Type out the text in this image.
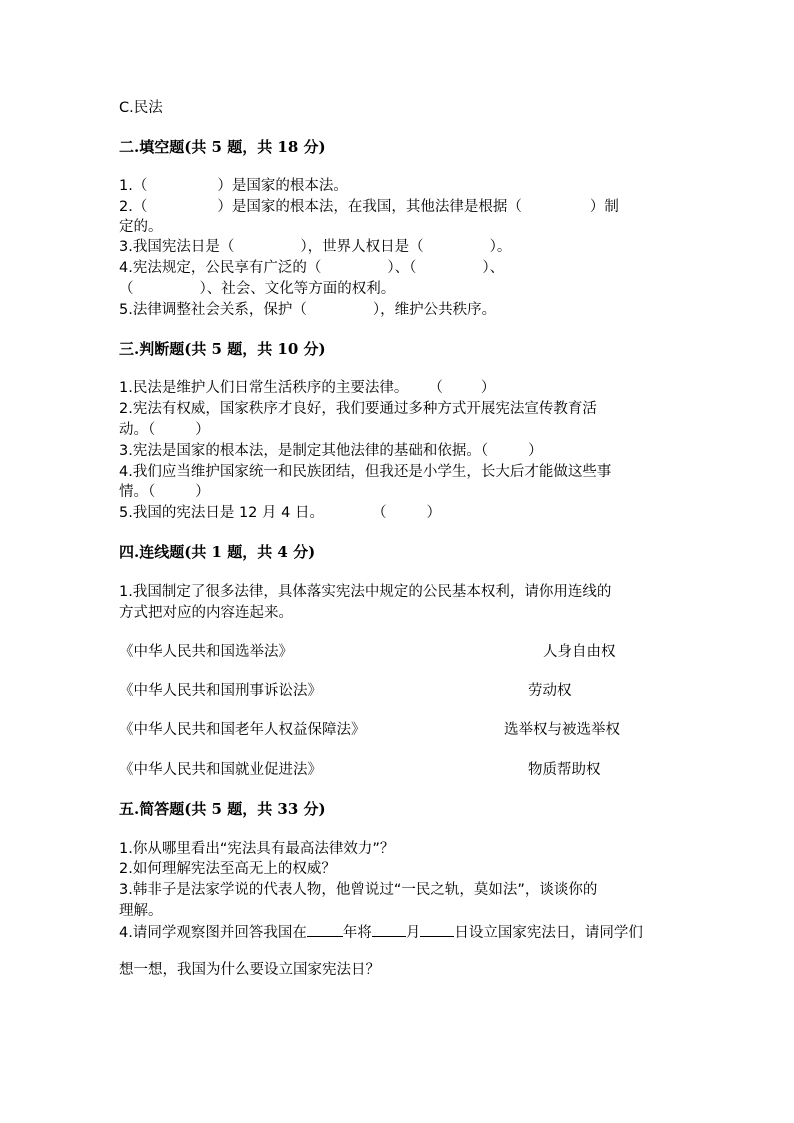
C.民法
二.填空题(共 5 题，共 18 分)
1.（	）是国家的根本法。
2.（	）是国家的根本法，在我国，其他法律是根据（	）制
定的。
3.我国宪法日是（	），世界人权日是（	）。
4.宪法规定，公民享有广泛的（	）、（	）、
（	）、社会、文化等方面的权利。
5.法律调整社会关系，保护（	），维护公共秩序。
三.判断题(共 5 题，共 10 分)
1.民法是维护人们日常生活秩序的主要法律。 （	）
2.宪法有权威，国家秩序才良好，我们要通过多种方式开展宪法宣传教育活
动。（	）
3.宪法是国家的根本法，是制定其他法律的基础和依据。（	）
4.我们应当维护国家统一和民族团结，但我还是小学生，长大后才能做这些事
情。（	）
5.我国的宪法日是 12 月 4 日。	（	）
四.连线题(共 1 题，共 4 分)
1.我国制定了很多法律，具体落实宪法中规定的公民基本权利，请你用连线的
方式把对应的内容连起来。
《中华人民共和国选举法》	人身自由权
《中华人民共和国刑事诉讼法》	劳动权
《中华人民共和国老年人权益保障法》	选举权与被选举权
《中华人民共和国就业促进法》	物质帮助权
五.简答题(共 5 题，共 33 分)
1.你从哪里看出“宪法具有最高法律效力”？
2.如何理解宪法至高无上的权威？
3.韩非子是法家学说的代表人物，他曾说过“一民之轨，莫如法”，谈谈你的
理解。
4.请同学观察图并回答我国在 年将 月 日设立国家宪法日，请同学们
想一想，我国为什么要设立国家宪法日？
